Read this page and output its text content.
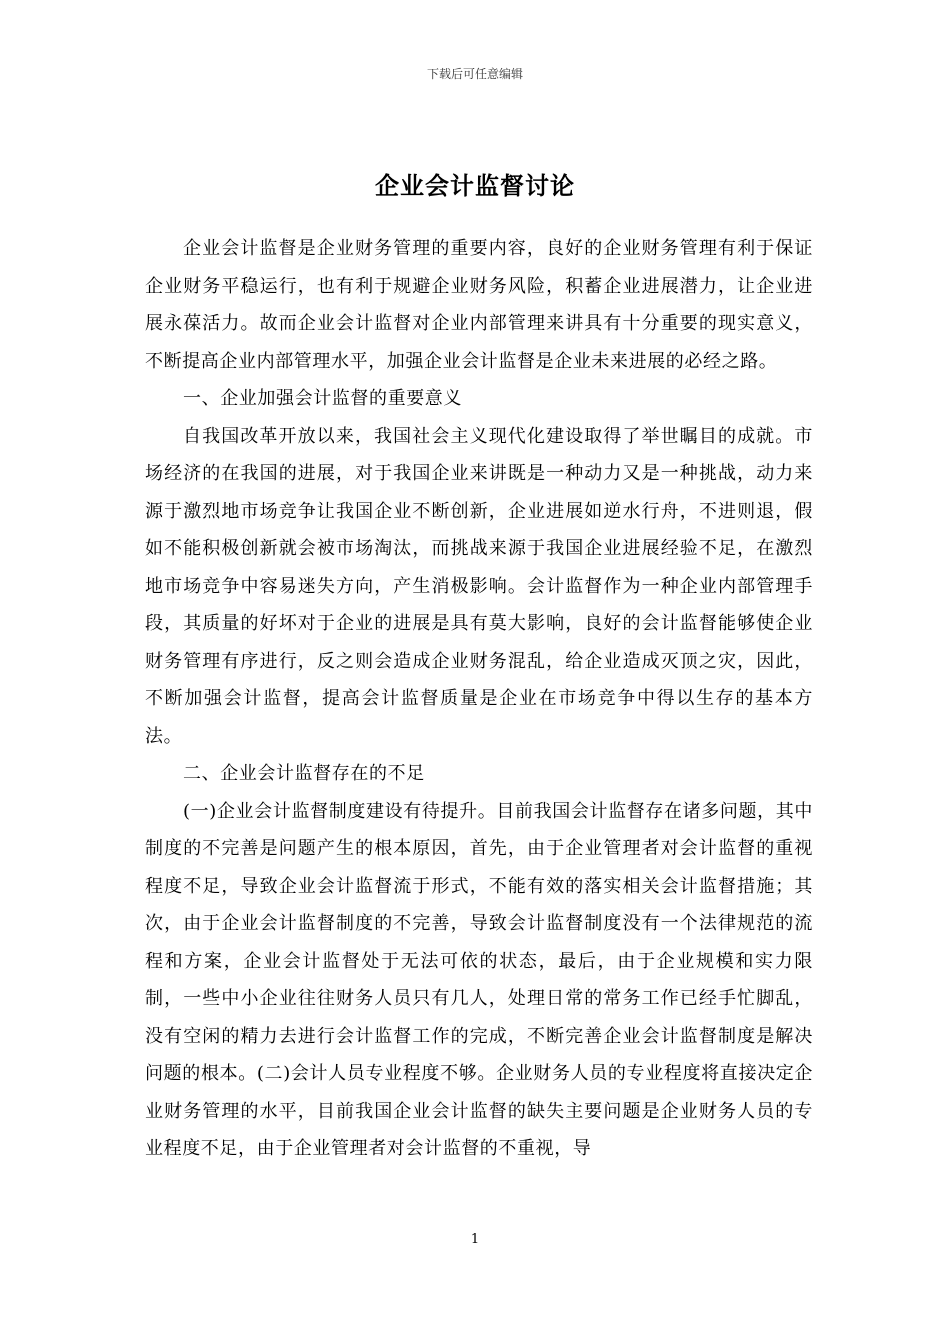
下载后可任意编辑
企业会计监督讨论

企业会计监督是企业财务管理的重要内容，良好的企业财务管理有利于保证企业财务平稳运行，也有利于规避企业财务风险，积蓄企业进展潜力，让企业进展永葆活力。故而企业会计监督对企业内部管理来讲具有十分重要的现实意义，不断提高企业内部管理水平，加强企业会计监督是企业未来进展的必经之路。

一、企业加强会计监督的重要意义

自我国改革开放以来，我国社会主义现代化建设取得了举世瞩目的成就。市场经济的在我国的进展，对于我国企业来讲既是一种动力又是一种挑战，动力来源于激烈地市场竞争让我国企业不断创新，企业进展如逆水行舟，不进则退，假如不能积极创新就会被市场淘汰，而挑战来源于我国企业进展经验不足，在激烈地市场竞争中容易迷失方向，产生消极影响。会计监督作为一种企业内部管理手段，其质量的好坏对于企业的进展是具有莫大影响，良好的会计监督能够使企业财务管理有序进行，反之则会造成企业财务混乱，给企业造成灭顶之灾，因此，不断加强会计监督，提高会计监督质量是企业在市场竞争中得以生存的基本方法。

二、企业会计监督存在的不足

(一)企业会计监督制度建设有待提升。目前我国会计监督存在诸多问题，其中制度的不完善是问题产生的根本原因，首先，由于企业管理者对会计监督的重视程度不足，导致企业会计监督流于形式，不能有效的落实相关会计监督措施；其次，由于企业会计监督制度的不完善，导致会计监督制度没有一个法律规范的流程和方案，企业会计监督处于无法可依的状态，最后，由于企业规模和实力限制，一些中小企业往往财务人员只有几人，处理日常的常务工作已经手忙脚乱，没有空闲的精力去进行会计监督工作的完成，不断完善企业会计监督制度是解决问题的根本。(二)会计人员专业程度不够。企业财务人员的专业程度将直接决定企业财务管理的水平，目前我国企业会计监督的缺失主要问题是企业财务人员的专业程度不足，由于企业管理者对会计监督的不重视，导

1
